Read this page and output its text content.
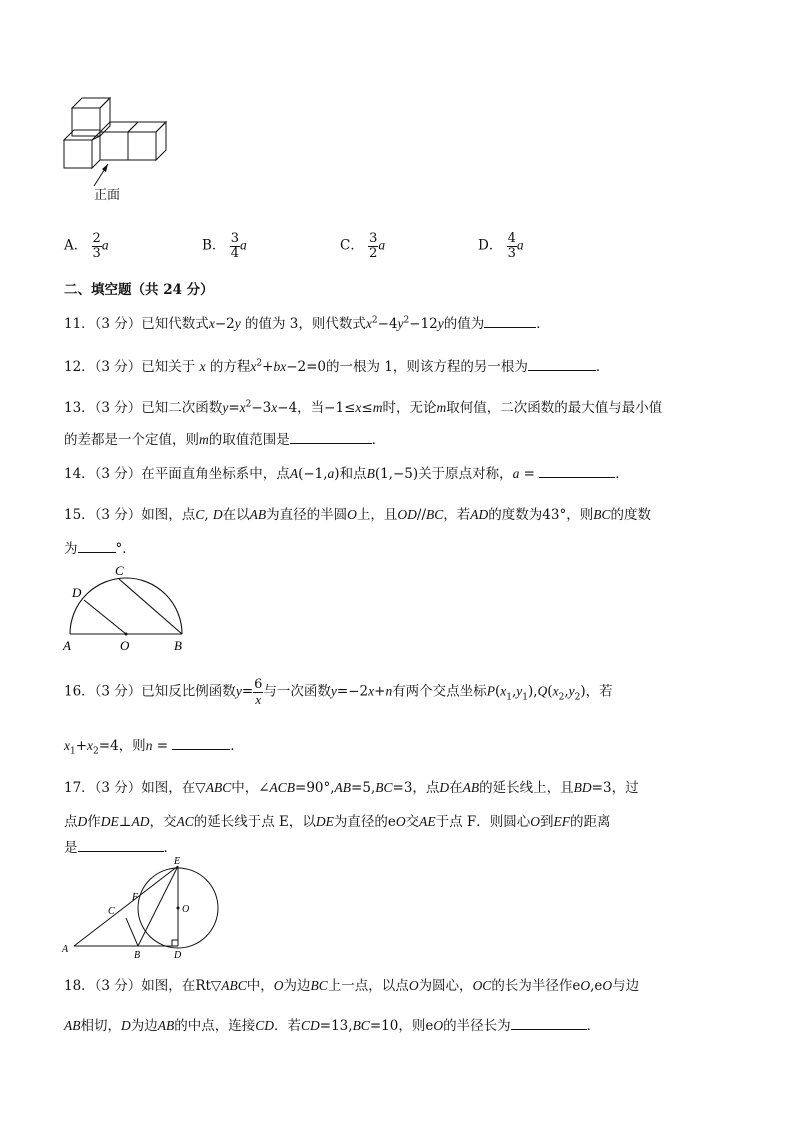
正面
A． $\frac{2}{3}$ a	B． $\frac{3}{4}$ a	C． $\frac{3}{2}$ a	D． $\frac{4}{3}$ a
二、填空题（共 24 分）
11．（3 分）已知代数式x−2y 的值为 3，则代数式$x^2-4y^2-12y$的值为	．
12．（3 分）已知关于 x 的方程$x^2+bx-2=0$的一根为 1，则该方程的另一根为	．
13．（3 分）已知二次函数$y=x^2-3x-4$，当−1≤x≤m时，无论m取何值，二次函数的最大值与最小值
的差都是一个定值，则m的取值范围是	．
14．（3 分）在平面直角坐标系中，点A(−1,a)和点B(1,−5)关于原点对称，a =	．
15．（3 分）如图，点C, D在以AB为直径的半圆O上，且OD//BC，若AD的度数为43°，则BC的度数
为	°．
A	O	B
C
D
16．（3 分）已知反比例函数$y= \frac{6}{x}$ 与一次函数y=−2x+n有两个交点坐标$P(x_1,y_1),Q(x_2,y_2)$，若
$x_1+x_2=4$，则n =	．
17．（3 分）如图，在▽ABC中，∠ACB=90°,AB=5,BC=3，点D在AB的延长线上，且BD=3，过
点D作DE⊥AD，交AC的延长线于点 E，以DE为直径的eO交AE于点 F．则圆心O到EF的距离
是	．
A
B
C
D
E
F
O
18．（3 分）如图，在Rt▽ABC中，O为边BC上一点，以点O为圆心，OC的长为半径作eO,eO与边
AB相切，D为边AB的中点，连接CD．若CD=13,BC=10，则eO的半径长为	．
